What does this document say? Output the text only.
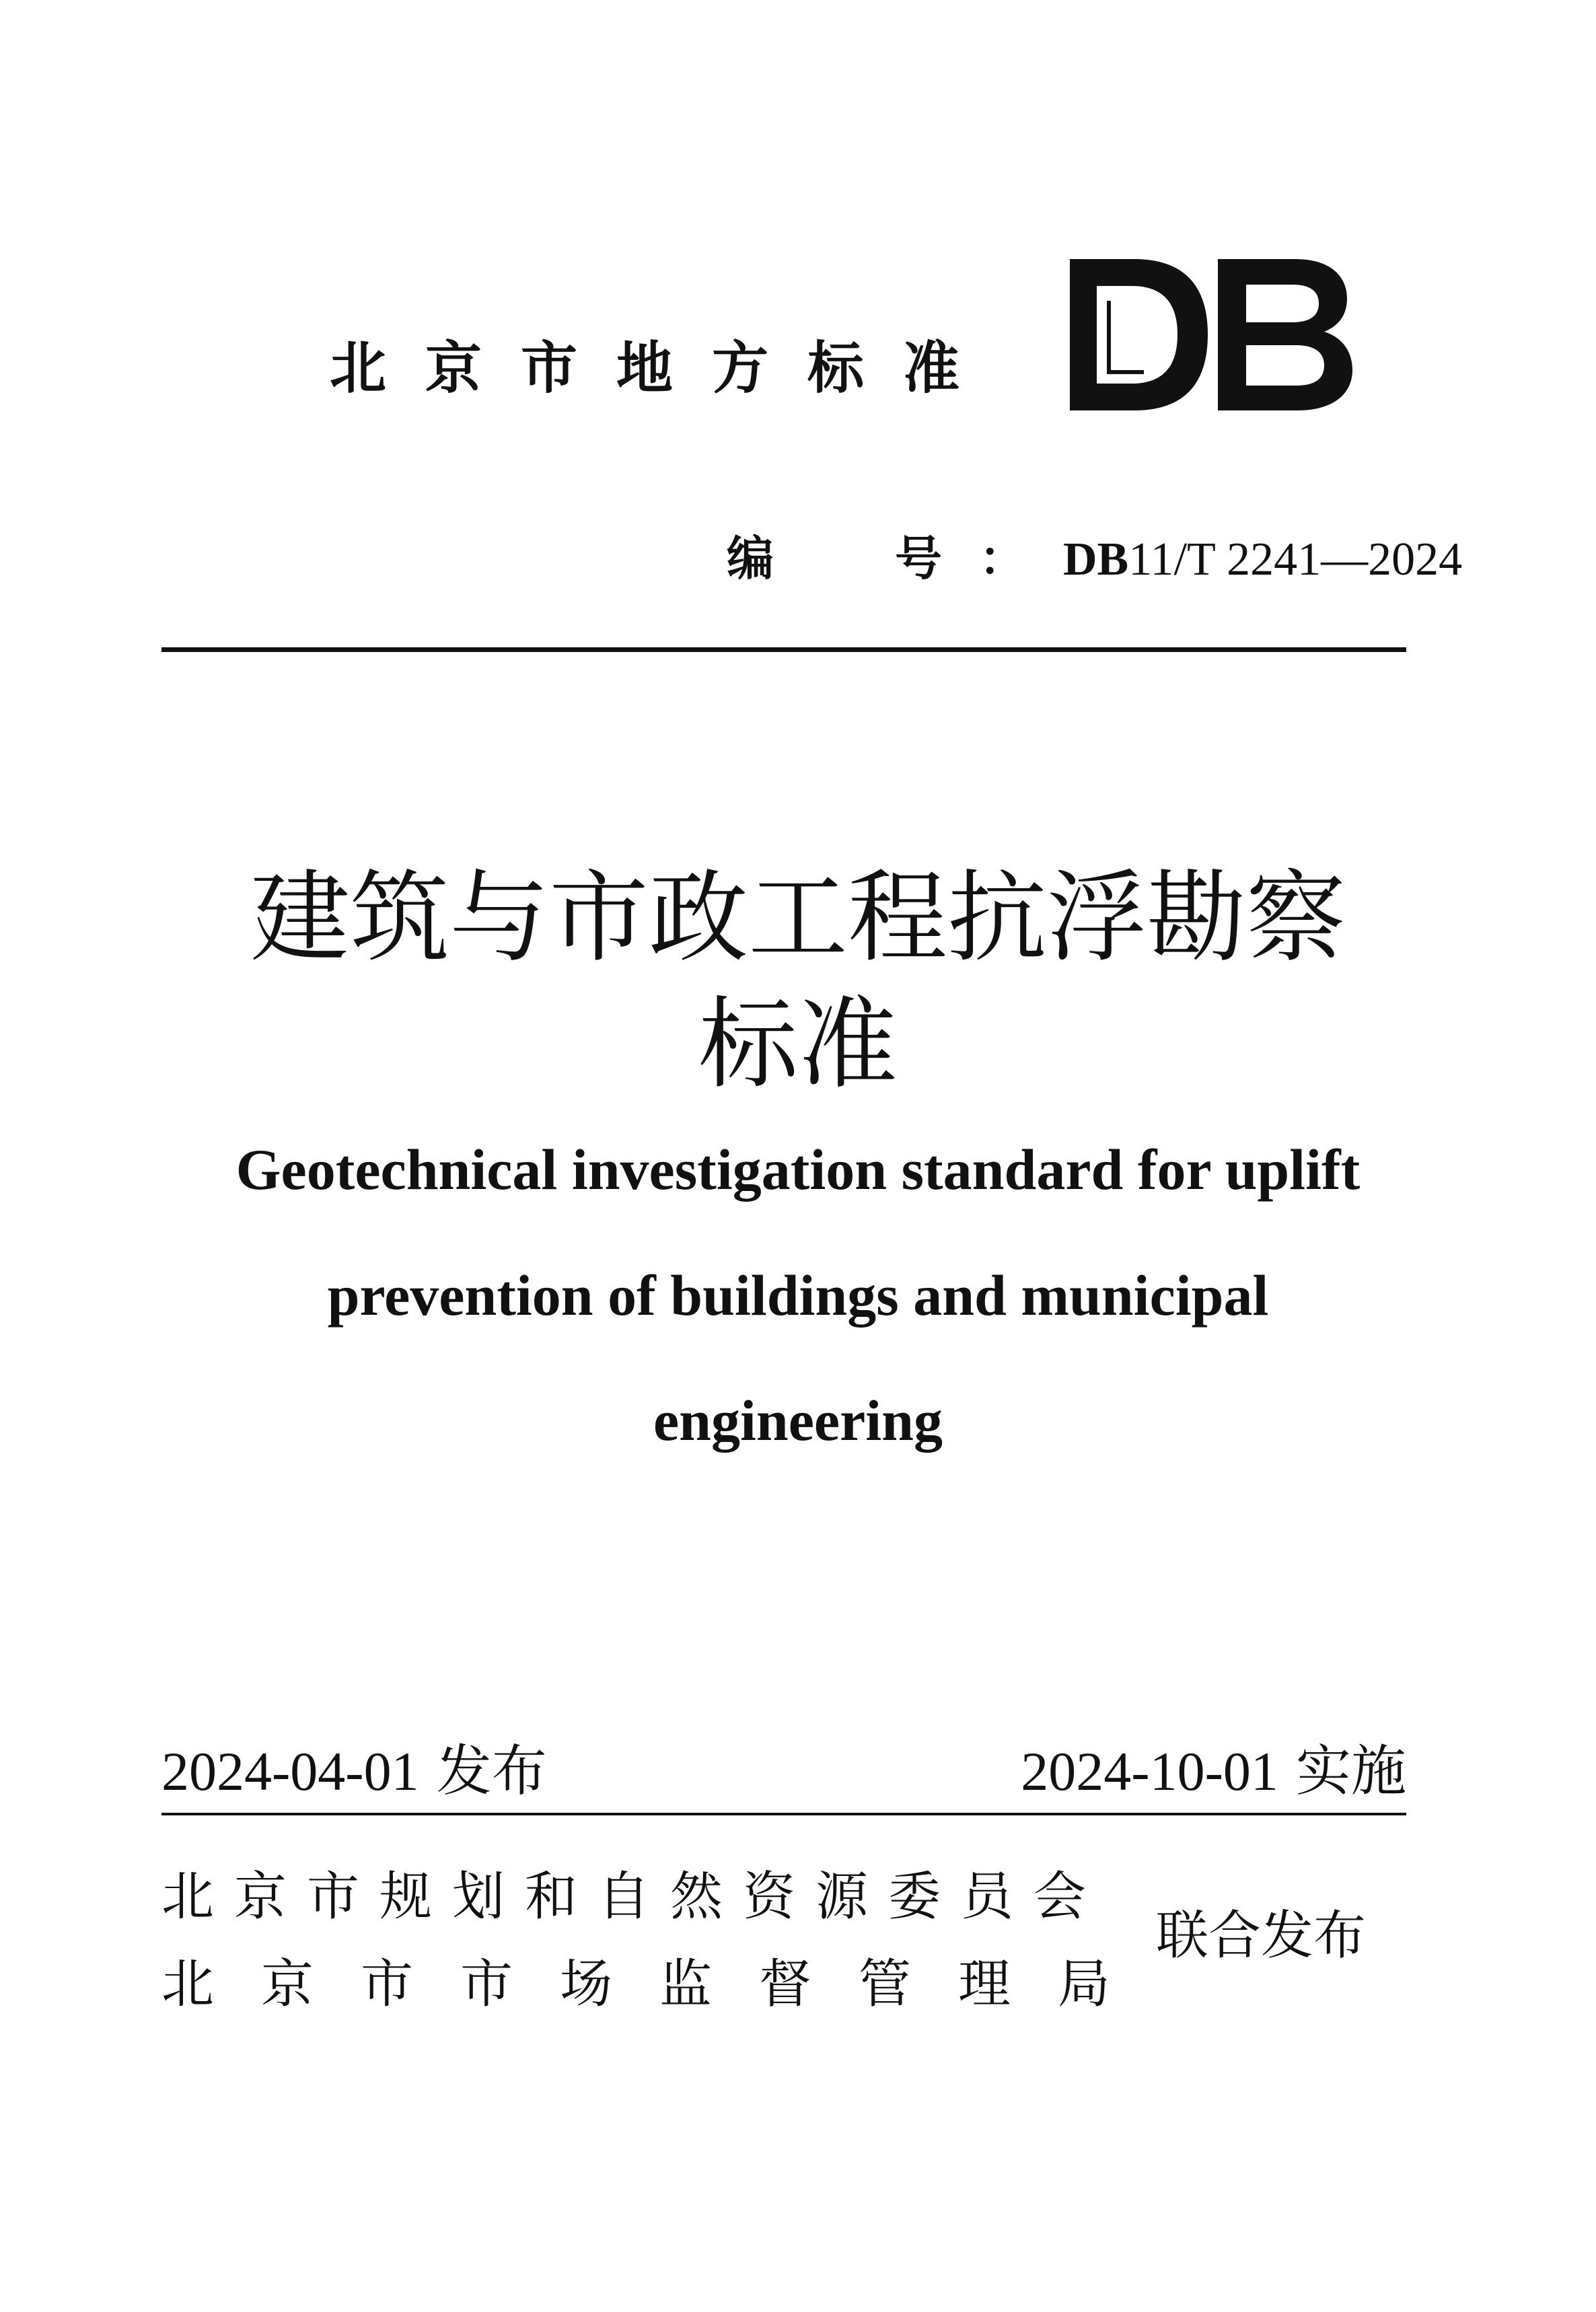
北京市地方标准
编　号：DB11/T 2241—2024
建筑与市政工程抗浮勘察
标准
Geotechnical investigation standard for uplift
prevention of buildings and municipal
engineering
2024-04-01 发布	2024-10-01 实施
北京市规划和自然资源委员会
北京市市场监督管理局
联合发布
